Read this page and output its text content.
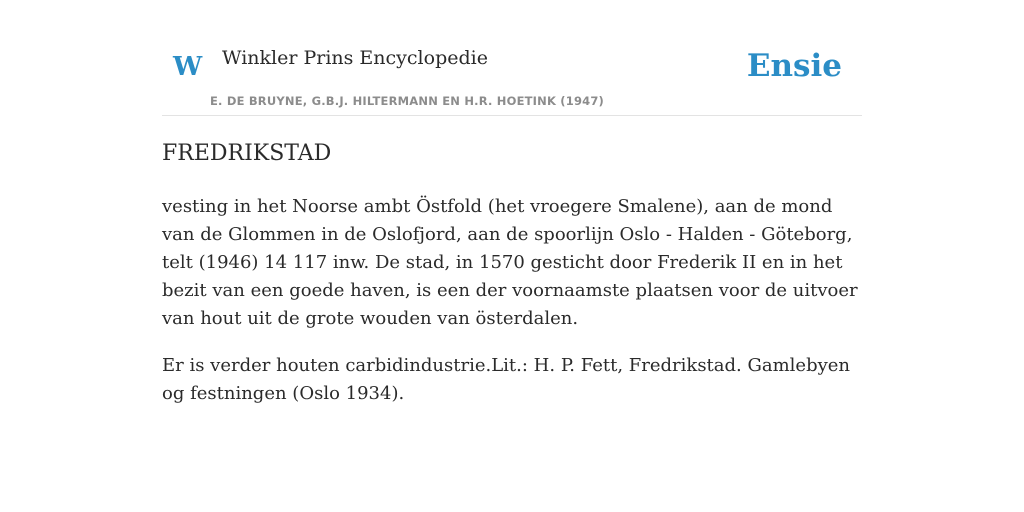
W Winkler Prins Encyclopedie
E. DE BRUYNE, G.B.J. HILTERMANN EN H.R. HOETINK (1947)
Ensie
FREDRIKSTAD

vesting in het Noorse ambt Östfold (het vroegere Smalene), aan de mond van de Glommen in de Oslofjord, aan de spoorlijn Oslo - Halden - Göteborg, telt (1946) 14 117 inw. De stad, in 1570 gesticht door Frederik II en in het bezit van een goede haven, is een der voornaamste plaatsen voor de uitvoer van hout uit de grote wouden van österdalen.

Er is verder houten carbidindustrie.Lit.: H. P. Fett, Fredrikstad. Gamlebyen og festningen (Oslo 1934).
